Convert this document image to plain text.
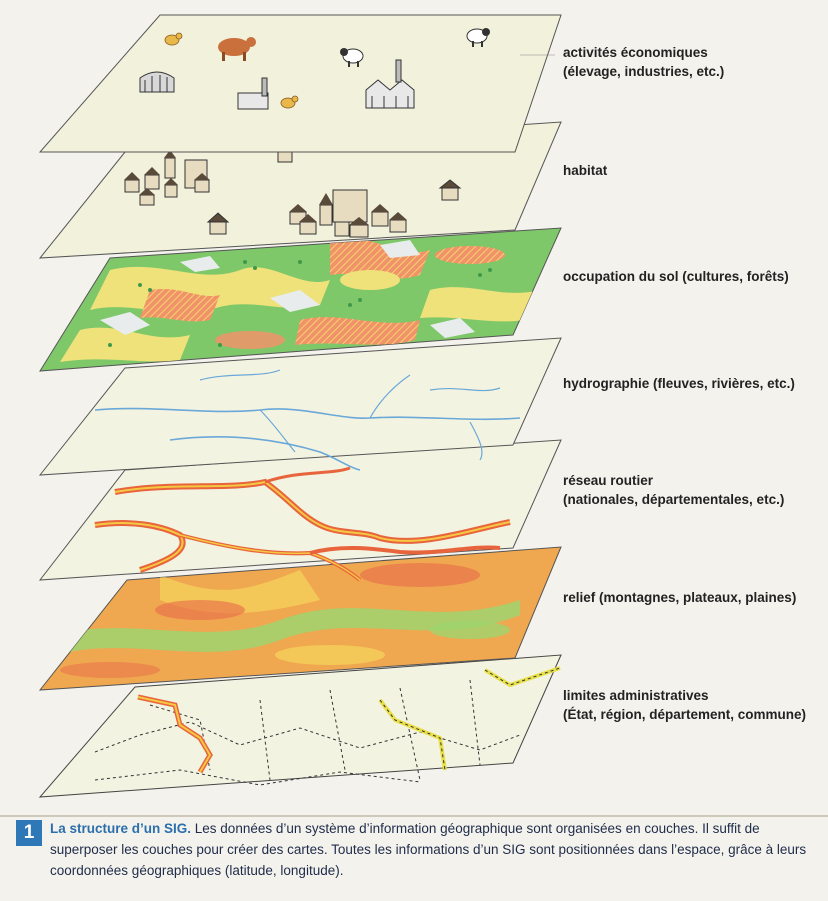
activités économiques
(élevage, industries, etc.)
habitat
occupation du sol (cultures, forêts)
hydrographie (fleuves, rivières, etc.)
réseau routier
(nationales, départementales, etc.)
relief (montagnes, plateaux, plaines)
limites administratives
(État, région, département, commune)
1	La structure d’un SIG. Les données d’un système d’information géographique sont organisées en couches. Il suffit de superposer les couches pour créer des cartes. Toutes les informations d’un SIG sont positionnées dans l’espace, grâce à leurs coordonnées géographiques (latitude, longitude).
